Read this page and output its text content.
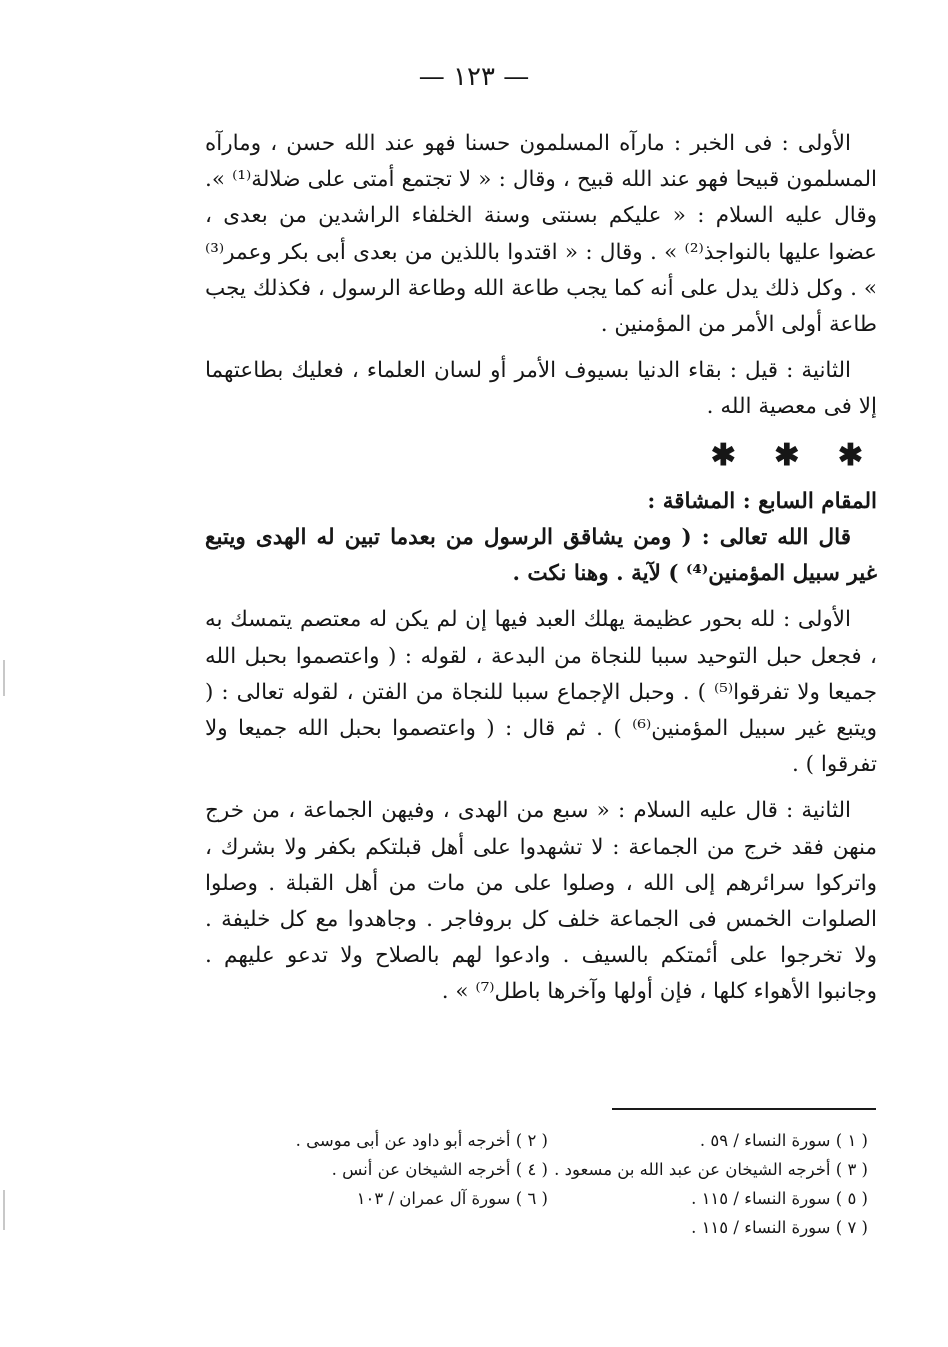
— ١٢٣ —

الأولى : فى الخبر : مارآه المسلمون حسنا فهو عند الله حسن ، ومارآه المسلمون قبيحا فهو عند الله قبيح ، وقال : « لا تجتمع أمتى على ضلالة⁽¹⁾ ». وقال عليه السلام : « عليكم بسنتى وسنة الخلفاء الراشدين من بعدى ، عضوا عليها بالنواجذ⁽²⁾ » . وقال : « اقتدوا باللذين من بعدى أبى بكر وعمر⁽³⁾ » . وكل ذلك يدل على أنه كما يجب طاعة الله وطاعة الرسول ، فكذلك يجب طاعة أولى الأمر من المؤمنين .

الثانية : قيل : بقاء الدنيا بسيوف الأمر أو لسان العلماء ، فعليك بطاعتهما إلا فى معصية الله .

✱ ✱ ✱

المقام السابع : المشاقة :

قال الله تعالى : ( ومن يشاقق الرسول من بعدما تبين له الهدى ويتبع غير سبيل المؤمنين⁽⁴⁾ ) لآية . وهنا نكت .

الأولى : لله بحور عظيمة يهلك العبد فيها إن لم يكن له معتصم يتمسك به ، فجعل حبل التوحيد سببا للنجاة من البدعة ، لقوله : ( واعتصموا بحبل الله جميعا ولا تفرقوا⁽⁵⁾ ) . وحبل الإجماع سببا للنجاة من الفتن ، لقوله تعالى : ( ويتبع غير سبيل المؤمنين⁽⁶⁾ ) . ثم قال : ( واعتصموا بحبل الله جميعا ولا تفرقوا ) .

الثانية : قال عليه السلام : « سبع من الهدى ، وفيهن الجماعة ، من خرج منهن فقد خرج من الجماعة : لا تشهدوا على أهل قبلتكم بكفر ولا بشرك ، واتركوا سرائرهم إلى الله ، وصلوا على من مات من أهل القبلة . وصلوا الصلوات الخمس فى الجماعة خلف كل بروفاجر . وجاهدوا مع كل خليفة . ولا تخرجوا على أئمتكم بالسيف . وادعوا لهم بالصلاح ولا تدعو عليهم . وجانبوا الأهواء كلها ، فإن أولها وآخرها باطل⁽⁷⁾ » .

( ١ ) سورة النساء / ٥٩ .
( ٢ ) أخرجه أبو داود عن أبى موسى .
( ٣ ) أخرجه الشيخان عن عبد الله بن مسعود .
( ٤ ) أخرجه الشيخان عن أنس .
( ٥ ) سورة النساء / ١١٥ .
( ٦ ) سورة آل عمران / ١٠٣
( ٧ ) سورة النساء / ١١٥ .
